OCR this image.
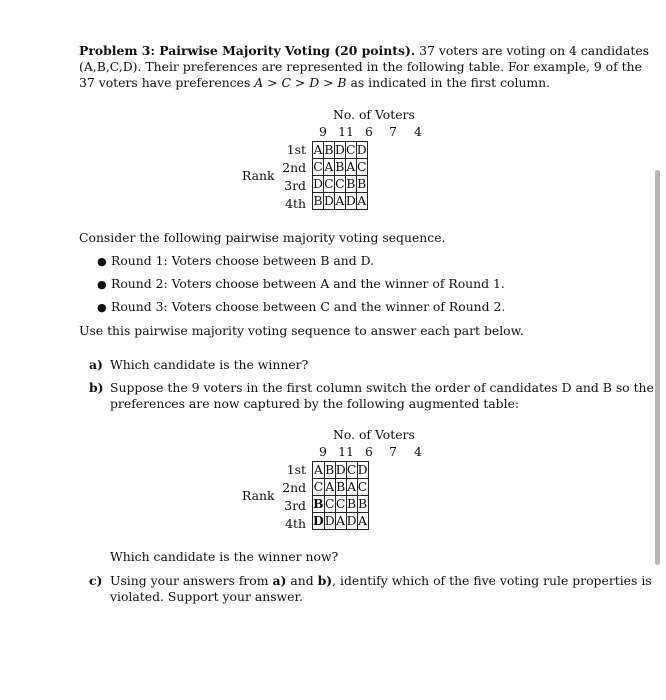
Problem 3: Pairwise Majority Voting (20 points). 37 voters are voting on 4 candidates
(A,B,C,D). Their preferences are represented in the following table. For example, 9 of the
37 voters have preferences A > C > D > B as indicated in the first column.
No. of Voters
9 11 6	7	4
Rank
1st
2nd
3rd
4th
A	B	D	C	D
C	A	B	A	C
D	C	C	B	B
B	D	A	D	A
Consider the following pairwise majority voting sequence.
● Round 1: Voters choose between B and D.
● Round 2: Voters choose between A and the winner of Round 1.
● Round 3: Voters choose between C and the winner of Round 2.
Use this pairwise majority voting sequence to answer each part below.
a) Which candidate is the winner?
b) Suppose the 9 voters in the first column switch the order of candidates D and B so the
preferences are now captured by the following augmented table:
No. of Voters
9 11 6	7	4
Rank
1st
2nd
3rd
4th
A	B	D	C	D
C	A	B	A	C
B	C	C	B	B
D	D	A	D	A
Which candidate is the winner now?
c) Using your answers from a) and b), identify which of the five voting rule properties is
violated. Support your answer.
